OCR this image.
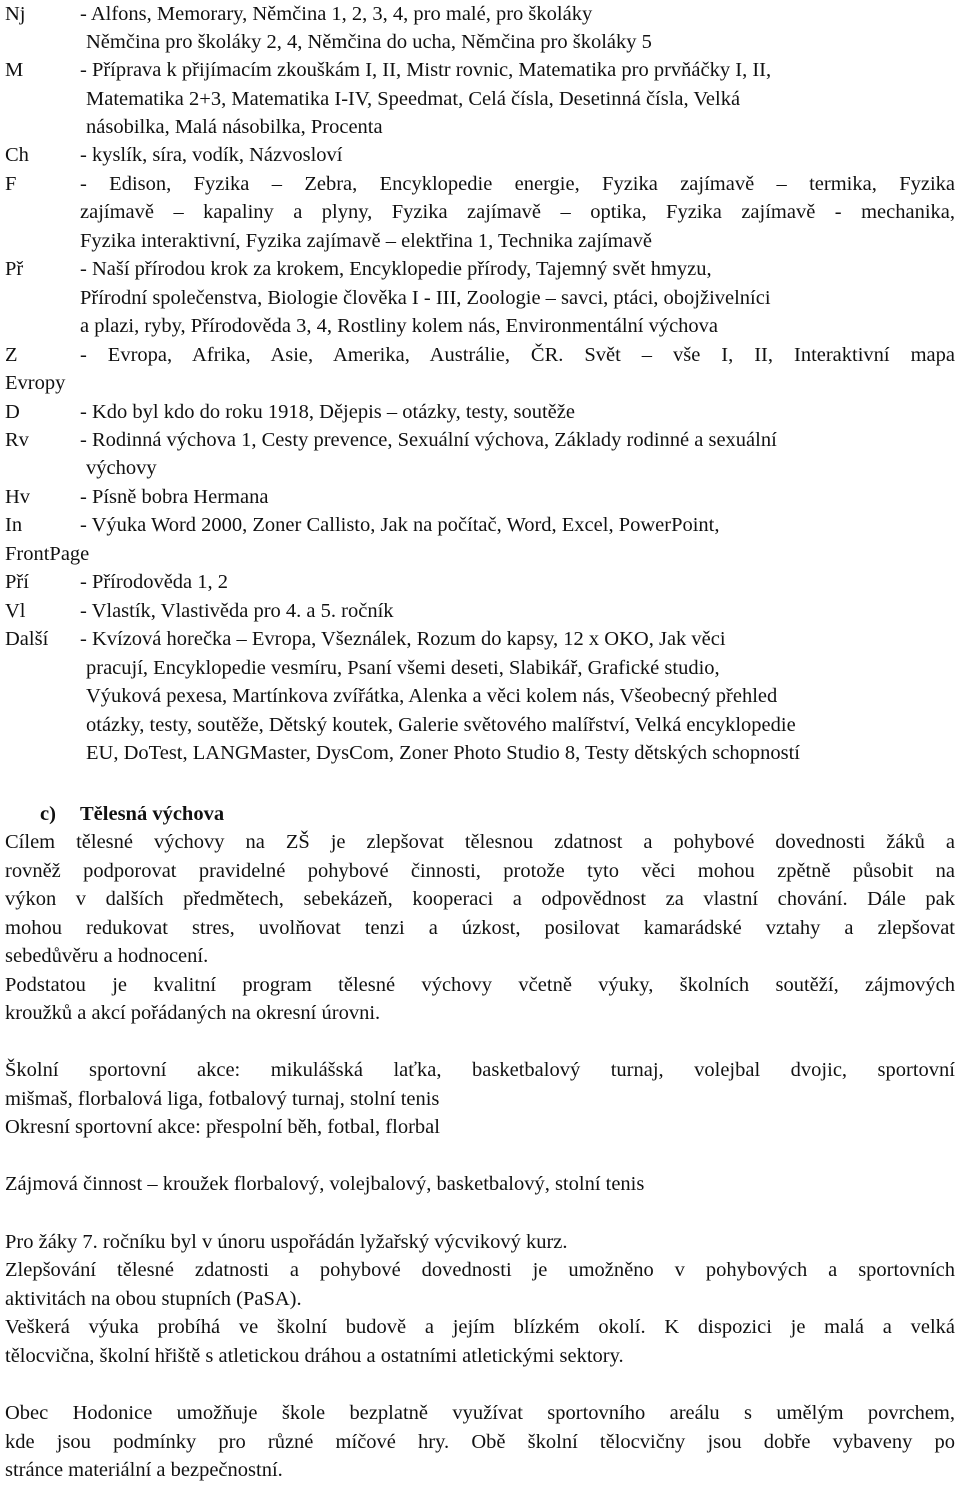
Nj	- Alfons, Memorary, Němčina 1, 2, 3, 4, pro malé, pro školáky
Němčina pro školáky 2, 4, Němčina do ucha, Němčina pro školáky 5
M	- Příprava k přijímacím zkouškám I, II, Mistr rovnic, Matematika pro prvňáčky I, II,
Matematika 2+3, Matematika I-IV, Speedmat, Celá čísla, Desetinná čísla, Velká
násobilka, Malá násobilka, Procenta
Ch - kyslík, síra, vodík, Názvosloví
F	- Edison, Fyzika – Zebra, Encyklopedie energie, Fyzika zajímavě – termika, Fyzika
zajímavě – kapaliny a plyny, Fyzika zajímavě – optika, Fyzika zajímavě - mechanika,
Fyzika interaktivní, Fyzika zajímavě – elektřina 1, Technika zajímavě
Př	- Naší přírodou krok za krokem, Encyklopedie přírody, Tajemný svět hmyzu,
Přírodní společenstva, Biologie člověka I - III, Zoologie – savci, ptáci, obojživelníci
a plazi, ryby, Přírodověda 3, 4, Rostliny kolem nás, Environmentální výchova
Z	- Evropa, Afrika, Asie, Amerika, Austrálie, ČR. Svět – vše I, II, Interaktivní mapa
Evropy
D	- Kdo byl kdo do roku 1918, Dějepis – otázky, testy, soutěže
Rv - Rodinná výchova 1, Cesty prevence, Sexuální výchova, Základy rodinné a sexuální
výchovy
Hv - Písně bobra Hermana
In	- Výuka Word 2000, Zoner Callisto, Jak na počítač, Word, Excel, PowerPoint,
FrontPage
Pří - Přírodověda 1, 2
Vl	- Vlastík, Vlastivěda pro 4. a 5. ročník
Další - Kvízová horečka – Evropa, Všeználek, Rozum do kapsy, 12 x OKO, Jak věci
pracují, Encyklopedie vesmíru, Psaní všemi deseti, Slabikář, Grafické studio,
Výuková pexesa, Martínkova zvířátka, Alenka a věci kolem nás, Všeobecný přehled
otázky, testy, soutěže, Dětský koutek, Galerie světového malířství, Velká encyklopedie
EU, DoTest, LANGMaster, DysCom, Zoner Photo Studio 8, Testy dětských schopností
c) Tělesná výchova
Cílem tělesné výchovy na ZŠ je zlepšovat tělesnou zdatnost a pohybové dovednosti žáků a
rovněž podporovat pravidelné pohybové činnosti, protože tyto věci mohou zpětně působit na
výkon v dalších předmětech, sebekázeň, kooperaci a odpovědnost za vlastní chování. Dále pak
mohou redukovat stres, uvolňovat tenzi a úzkost, posilovat kamarádské vztahy a zlepšovat
sebedůvěru a hodnocení.
Podstatou je kvalitní program tělesné výchovy včetně výuky, školních soutěží, zájmových
kroužků a akcí pořádaných na okresní úrovni.
Školní sportovní akce: mikulášská laťka, basketbalový turnaj, volejbal dvojic, sportovní
mišmaš, florbalová liga, fotbalový turnaj, stolní tenis
Okresní sportovní akce: přespolní běh, fotbal, florbal
Zájmová činnost – kroužek florbalový, volejbalový, basketbalový, stolní tenis
Pro žáky 7. ročníku byl v únoru uspořádán lyžařský výcvikový kurz.
Zlepšování tělesné zdatnosti a pohybové dovednosti je umožněno v pohybových a sportovních
aktivitách na obou stupních (PaSA).
Veškerá výuka probíhá ve školní budově a jejím blízkém okolí. K dispozici je malá a velká
tělocvična, školní hřiště s atletickou dráhou a ostatními atletickými sektory.
Obec Hodonice umožňuje škole bezplatně využívat sportovního areálu s umělým povrchem,
kde jsou podmínky pro různé míčové hry. Obě školní tělocvičny jsou dobře vybaveny po
stránce materiální a bezpečnostní.
